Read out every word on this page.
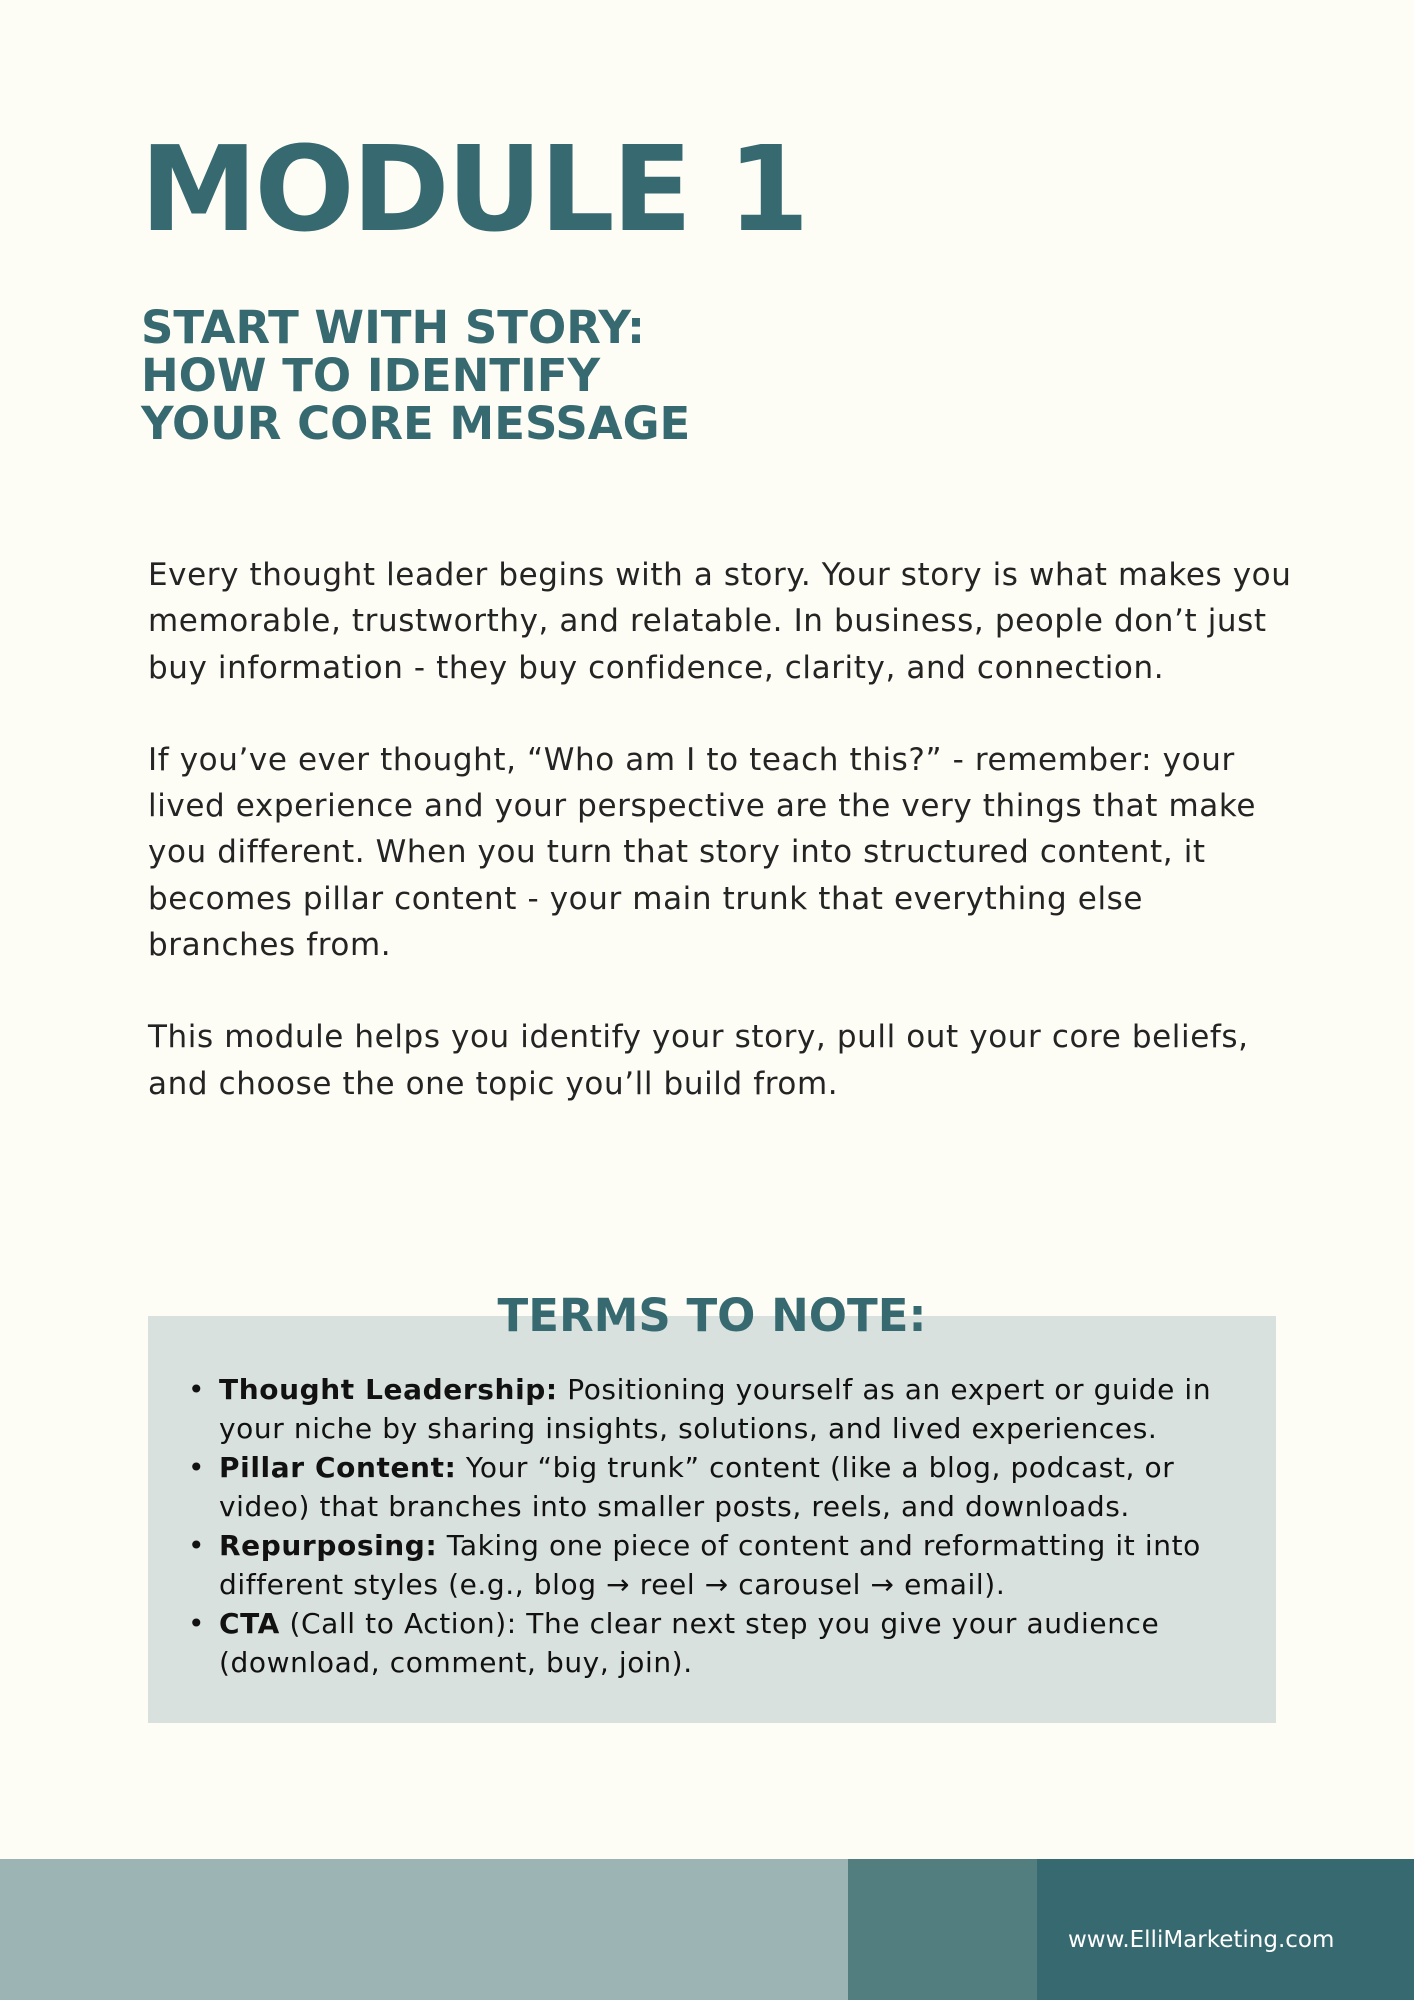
MODULE 1
START WITH STORY:
HOW TO IDENTIFY
YOUR CORE MESSAGE

Every thought leader begins with a story. Your story is what makes you memorable, trustworthy, and relatable. In business, people don’t just buy information - they buy confidence, clarity, and connection.

If you’ve ever thought, “Who am I to teach this?” - remember: your lived experience and your perspective are the very things that make you different. When you turn that story into structured content, it becomes pillar content - your main trunk that everything else branches from.

This module helps you identify your story, pull out your core beliefs, and choose the one topic you’ll build from.

TERMS TO NOTE:
• Thought Leadership: Positioning yourself as an expert or guide in your niche by sharing insights, solutions, and lived experiences.
• Pillar Content: Your “big trunk” content (like a blog, podcast, or video) that branches into smaller posts, reels, and downloads.
• Repurposing: Taking one piece of content and reformatting it into different styles (e.g., blog → reel → carousel → email).
• CTA (Call to Action): The clear next step you give your audience (download, comment, buy, join).

www.ElliMarketing.com
